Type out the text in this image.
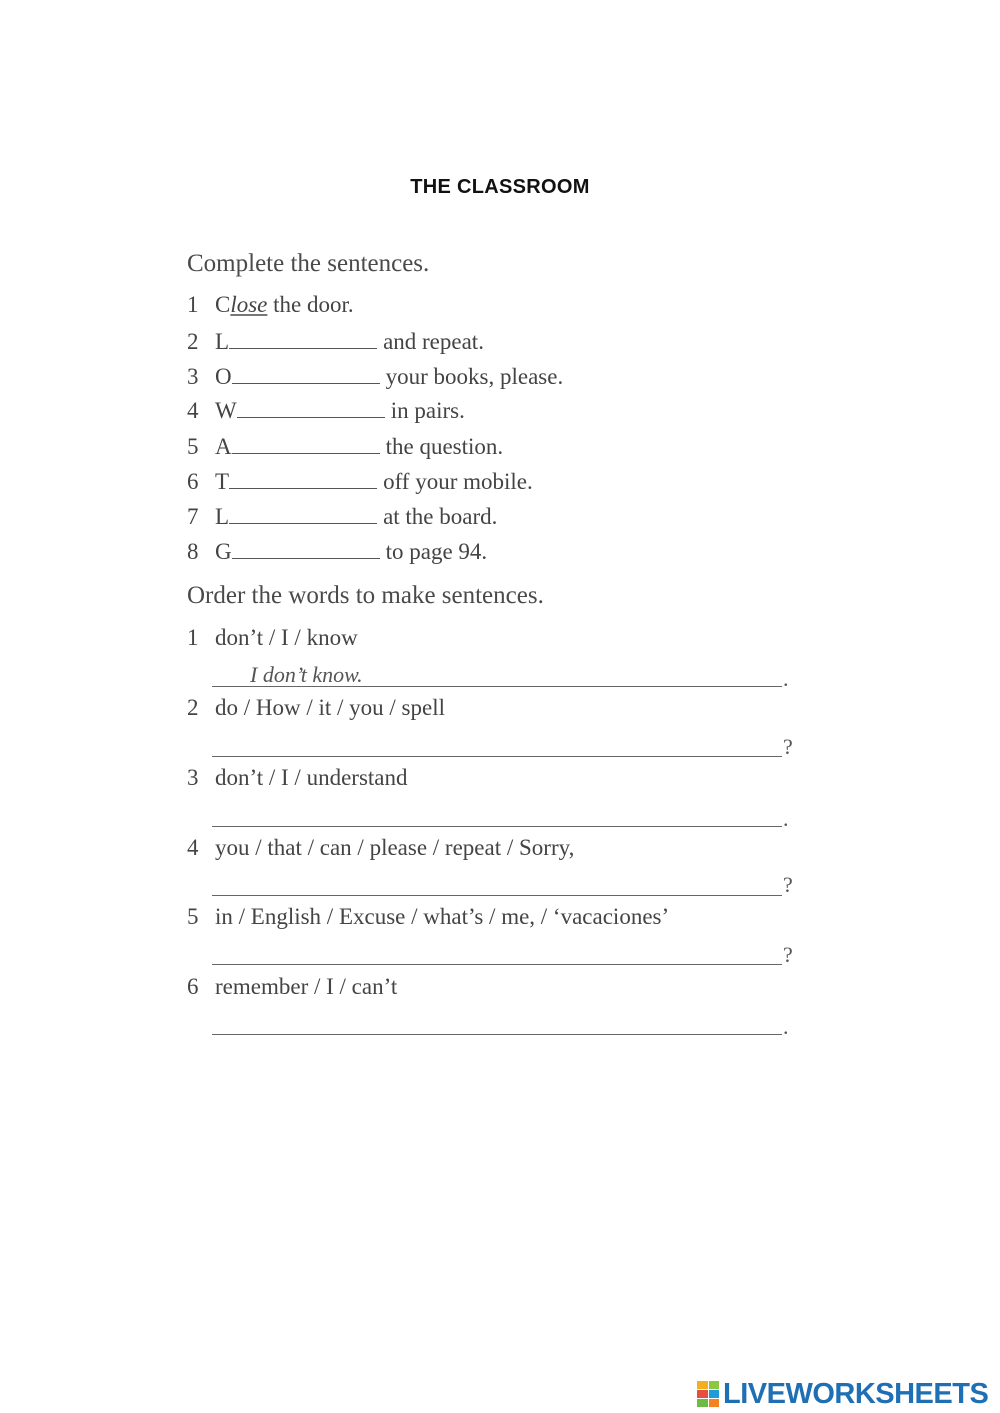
THE CLASSROOM
Complete the sentences.
1 Close the door.
2 L	and repeat.
3 O	your books, please.
4 W	in pairs.
5 A	the question.
6 T	off your mobile.
7 L	at the board.
8 G	to page 94.
Order the words to make sentences.
1 don’t / I / know
I don’t know.	.
2 do / How / it / you / spell
?
3 don’t / I / understand
.
4 you / that / can / please / repeat / Sorry,
?
5 in / English / Excuse / what’s / me, / ‘vacaciones’
?
6 remember / I / can’t
.
LIVEWORKSHEETS
